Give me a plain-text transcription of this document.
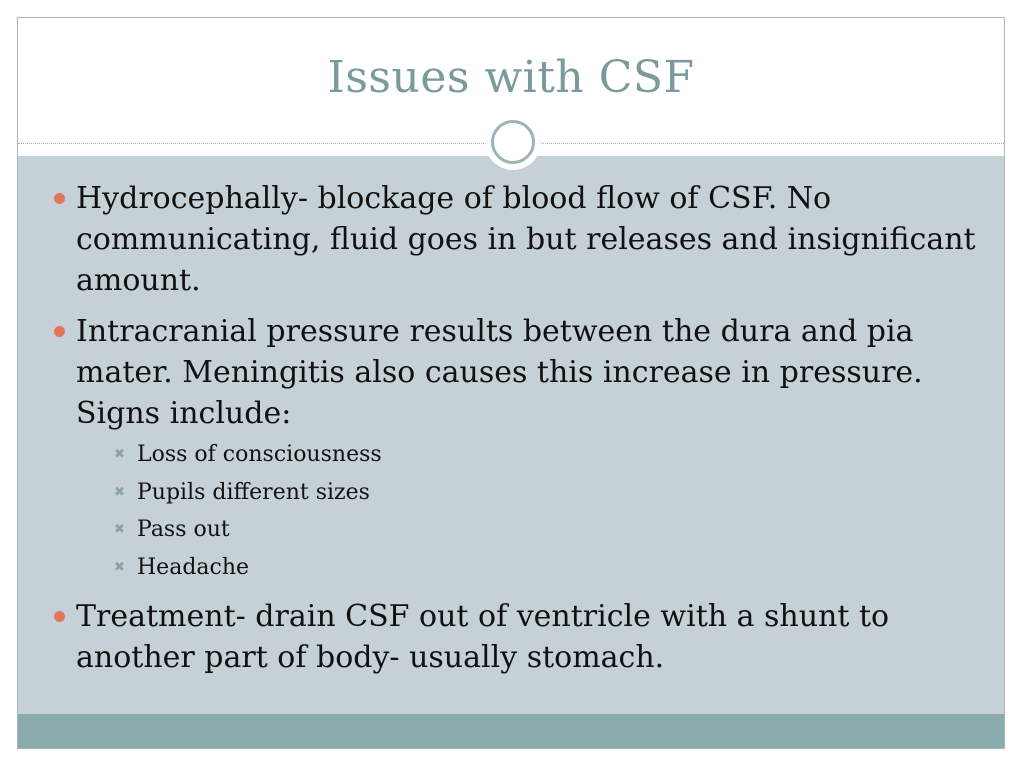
Issues with CSF
Hydrocephally- blockage of blood flow of CSF. No communicating, fluid goes in but releases and insignificant amount.
Intracranial pressure results between the dura and pia mater. Meningitis also causes this increase in pressure. Signs include:
✖ Loss of consciousness
✖ Pupils different sizes
✖ Pass out
✖ Headache
Treatment- drain CSF out of ventricle with a shunt to another part of body- usually stomach.
